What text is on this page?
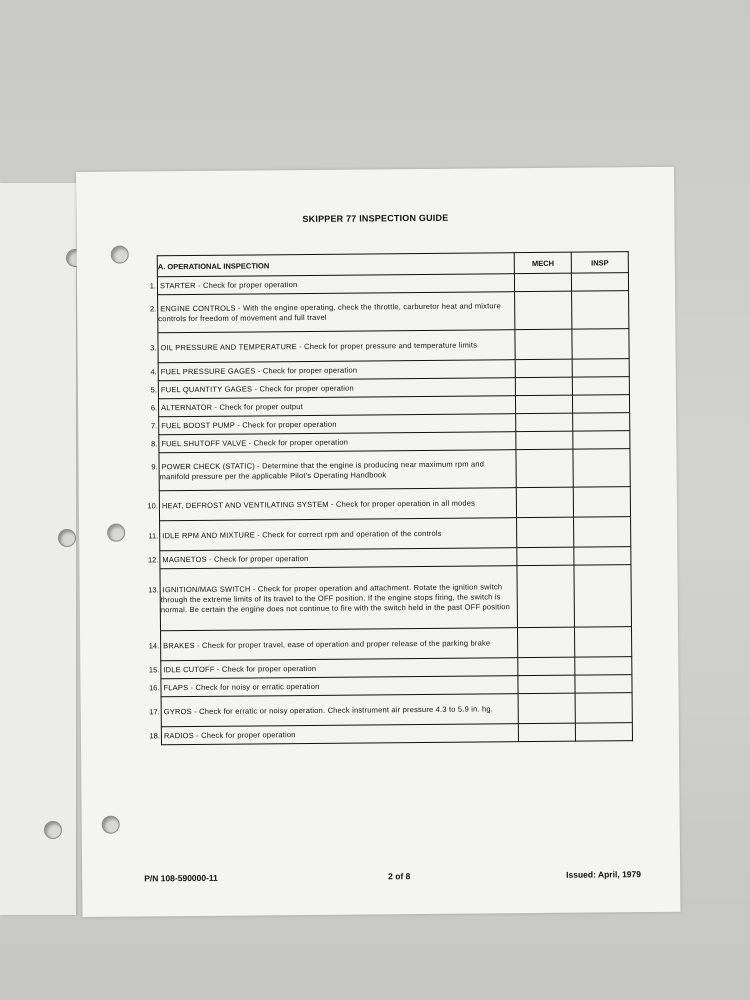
SKIPPER 77 INSPECTION GUIDE
A. OPERATIONAL INSPECTION	MECH	INSP
1. STARTER - Check for proper operation		
2. ENGINE CONTROLS - With the engine operating, check the throttle, carburetor heat and mixture controls for freedom of movement and full travel		
3. OIL PRESSURE AND TEMPERATURE - Check for proper pressure and temperature limits		
4. FUEL PRESSURE GAGES - Check for proper operation		
5. FUEL QUANTITY GAGES - Check for proper operation		
6. ALTERNATOR - Check for proper output		
7. FUEL BOOST PUMP - Check for proper operation		
8. FUEL SHUTOFF VALVE - Check for proper operation		
9. POWER CHECK (STATIC) - Determine that the engine is producing near maximum rpm and manifold pressure per the applicable Pilot's Operating Handbook		
10. HEAT, DEFROST AND VENTILATING SYSTEM - Check for proper operation in all modes		
11. IDLE RPM AND MIXTURE - Check for correct rpm and operation of the controls		
12. MAGNETOS - Check for proper operation		
13. IGNITION/MAG SWITCH - Check for proper operation and attachment. Rotate the ignition switch through the extreme limits of its travel to the OFF position. If the engine stops firing, the switch is normal. Be certain the engine does not continue to fire with the switch held in the past OFF position		
14. BRAKES - Check for proper travel, ease of operation and proper release of the parking brake		
15. IDLE CUTOFF - Check for proper operation		
16. FLAPS - Check for noisy or erratic operation		
17. GYROS - Check for erratic or noisy operation. Check instrument air pressure 4.3 to 5.9 in. hg.		
18. RADIOS - Check for proper operation		
P/N 108-590000-11	2 of 8	Issued: April, 1979
